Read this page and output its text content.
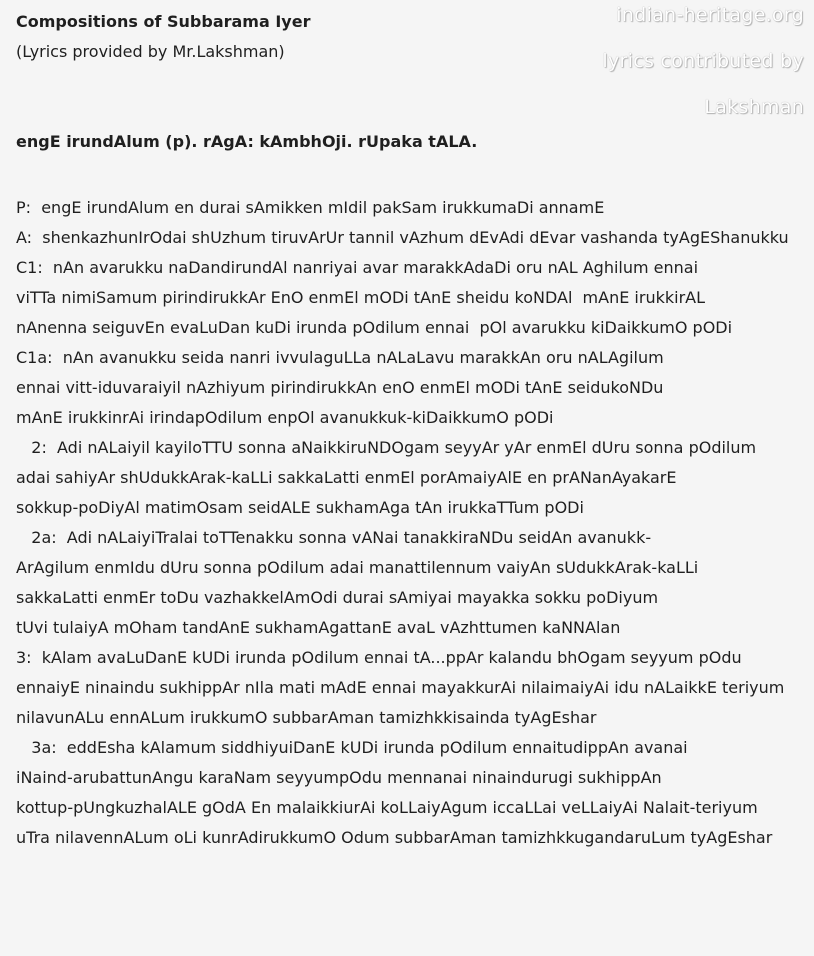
Compositions of Subbarama Iyer
(Lyrics provided by Mr.Lakshman)
engE irundAlum (p). rAgA: kAmbhOji. rUpaka tALA.
P:  engE irundAlum en durai sAmikken mIdil pakSam irukkumaDi annamE
A:  shenkazhunIrOdai shUzhum tiruvArUr tannil vAzhum dEvAdi dEvar vashanda tyAgEShanukku
C1:  nAn avarukku naDandirundAl nanriyai avar marakkAdaDi oru nAL Aghilum ennai
viTTa nimiSamum pirindirukkAr EnO enmEl mODi tAnE sheidu koNDAl  mAnE irukkirAL
nAnenna seiguvEn evaLuDan kuDi irunda pOdilum ennai  pOl avarukku kiDaikkumO pODi
C1a:  nAn avanukku seida nanri ivvulaguLLa nALaLavu marakkAn oru nALAgilum
ennai vitt-iduvaraiyil nAzhiyum pirindirukkAn enO enmEl mODi tAnE seidukoNDu
mAnE irukkinrAi irindapOdilum enpOl avanukkuk-kiDaikkumO pODi
2:  Adi nALaiyil kayiloTTU sonna aNaikkiruNDOgam seyyAr yAr enmEl dUru sonna pOdilum
adai sahiyAr shUdukkArak-kaLLi sakkaLatti enmEl porAmaiyAlE en prANanAyakarE
sokkup-poDiyAl matimOsam seidALE sukhamAga tAn irukkaTTum pODi
2a:  Adi nALaiyiTralai toTTenakku sonna vANai tanakkiraNDu seidAn avanukk-
ArAgilum enmIdu dUru sonna pOdilum adai manattilennum vaiyAn sUdukkArak-kaLLi
sakkaLatti enmEr toDu vazhakkelAmOdi durai sAmiyai mayakka sokku poDiyum
tUvi tulaiyA mOham tandAnE sukhamAgattanE avaL vAzhttumen kaNNAlan
3:  kAlam avaLuDanE kUDi irunda pOdilum ennai tA...ppAr kalandu bhOgam seyyum pOdu
ennaiyE ninaindu sukhippAr nIla mati mAdE ennai mayakkurAi nilaimaiyAi idu nALaikkE teriyum
nilavunALu ennALum irukkumO subbarAman tamizhkkisainda tyAgEshar
3a:  eddEsha kAlamum siddhiyuiDanE kUDi irunda pOdilum ennaitudippAn avanai
iNaind-arubattunAngu karaNam seyyumpOdu mennanai ninaindurugi sukhippAn
kottup-pUngkuzhalALE gOdA En malaikkiurAi koLLaiyAgum iccaLLai veLLaiyAi Nalait-teriyum
uTra nilavennALum oLi kunrAdirukkumO Odum subbarAman tamizhkkugandaruLum tyAgEshar
indian-heritage.org
lyrics contributed by
Lakshman
